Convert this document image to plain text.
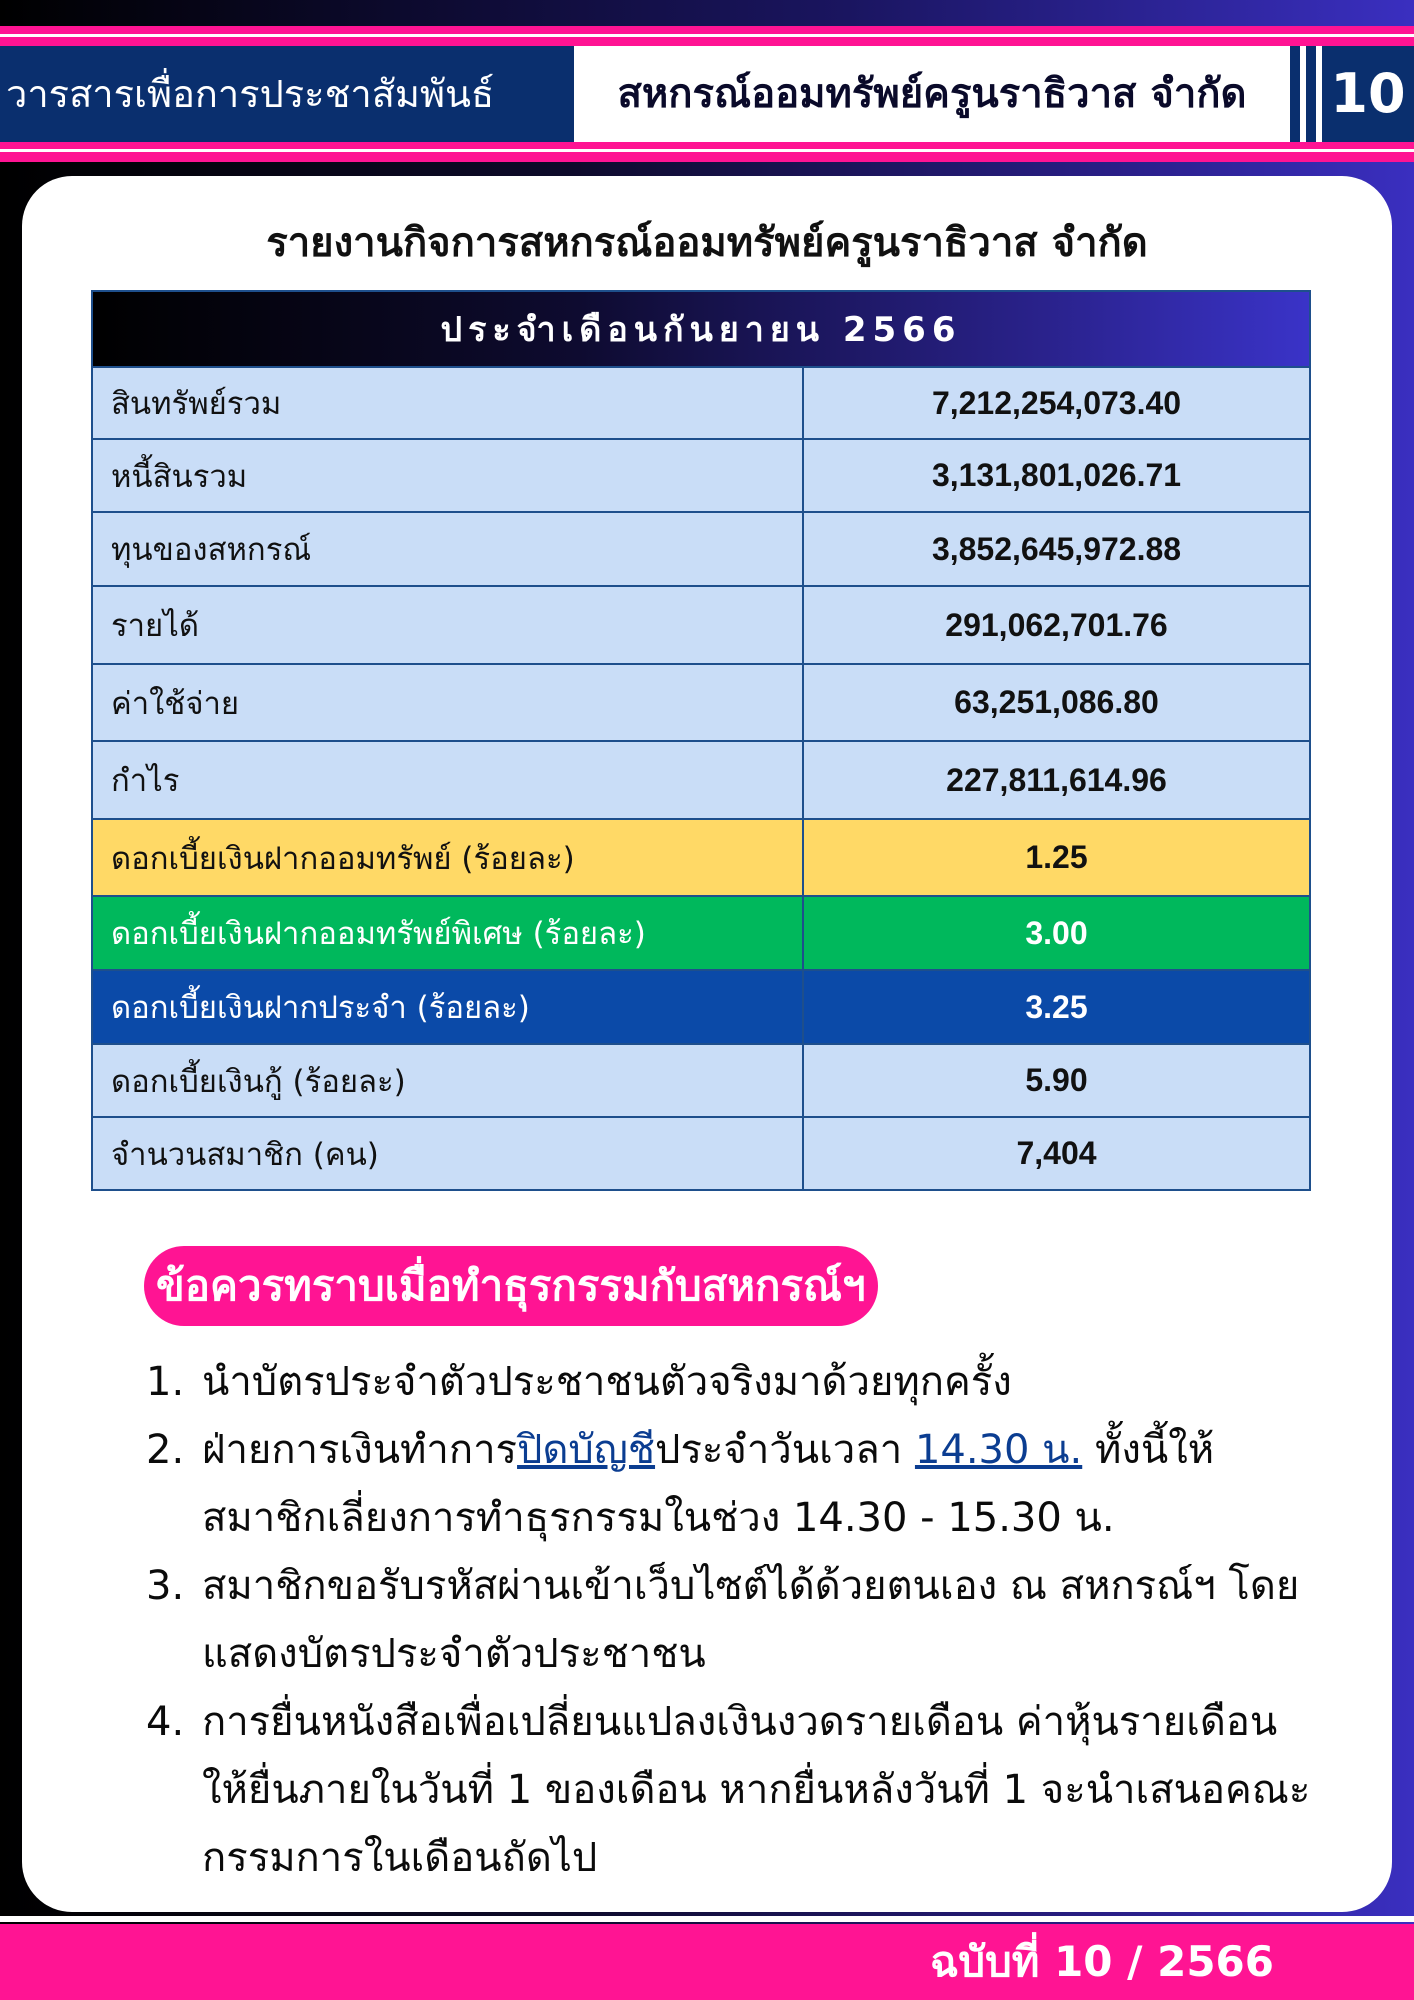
วารสารเพื่อการประชาสัมพันธ์	สหกรณ์ออมทรัพย์ครูนราธิวาส จำกัด	10
รายงานกิจการสหกรณ์ออมทรัพย์ครูนราธิวาส จำกัด
ประจำเดือนกันยายน 2566	
สินทรัพย์รวม	7,212,254,073.40
หนี้สินรวม	3,131,801,026.71
ทุนของสหกรณ์	3,852,645,972.88
รายได้	291,062,701.76
ค่าใช้จ่าย	63,251,086.80
กำไร	227,811,614.96
ดอกเบี้ยเงินฝากออมทรัพย์ (ร้อยละ)	1.25
ดอกเบี้ยเงินฝากออมทรัพย์พิเศษ (ร้อยละ)	3.00
ดอกเบี้ยเงินฝากประจำ (ร้อยละ)	3.25
ดอกเบี้ยเงินกู้ (ร้อยละ)	5.90
จำนวนสมาชิก (คน)	7,404
ข้อควรทราบเมื่อทำธุรกรรมกับสหกรณ์ฯ

1. นำบัตรประจำตัวประชาชนตัวจริงมาด้วยทุกครั้ง

2. ฝ่ายการเงินทำการปิดบัญชีประจำวันเวลา 14.30 น. ทั้งนี้ให้สมาชิกเลี่ยงการทำธุรกรรมในช่วง 14.30 - 15.30 น.

3. สมาชิกขอรับรหัสผ่านเข้าเว็บไซต์ได้ด้วยตนเอง ณ สหกรณ์ฯ โดยแสดงบัตรประจำตัวประชาชน

4. การยื่นหนังสือเพื่อเปลี่ยนแปลงเงินงวดรายเดือน ค่าหุ้นรายเดือน ให้ยื่นภายในวันที่ 1 ของเดือน หากยื่นหลังวันที่ 1 จะนำเสนอคณะกรรมการในเดือนถัดไป

ฉบับที่ 10 / 2566
